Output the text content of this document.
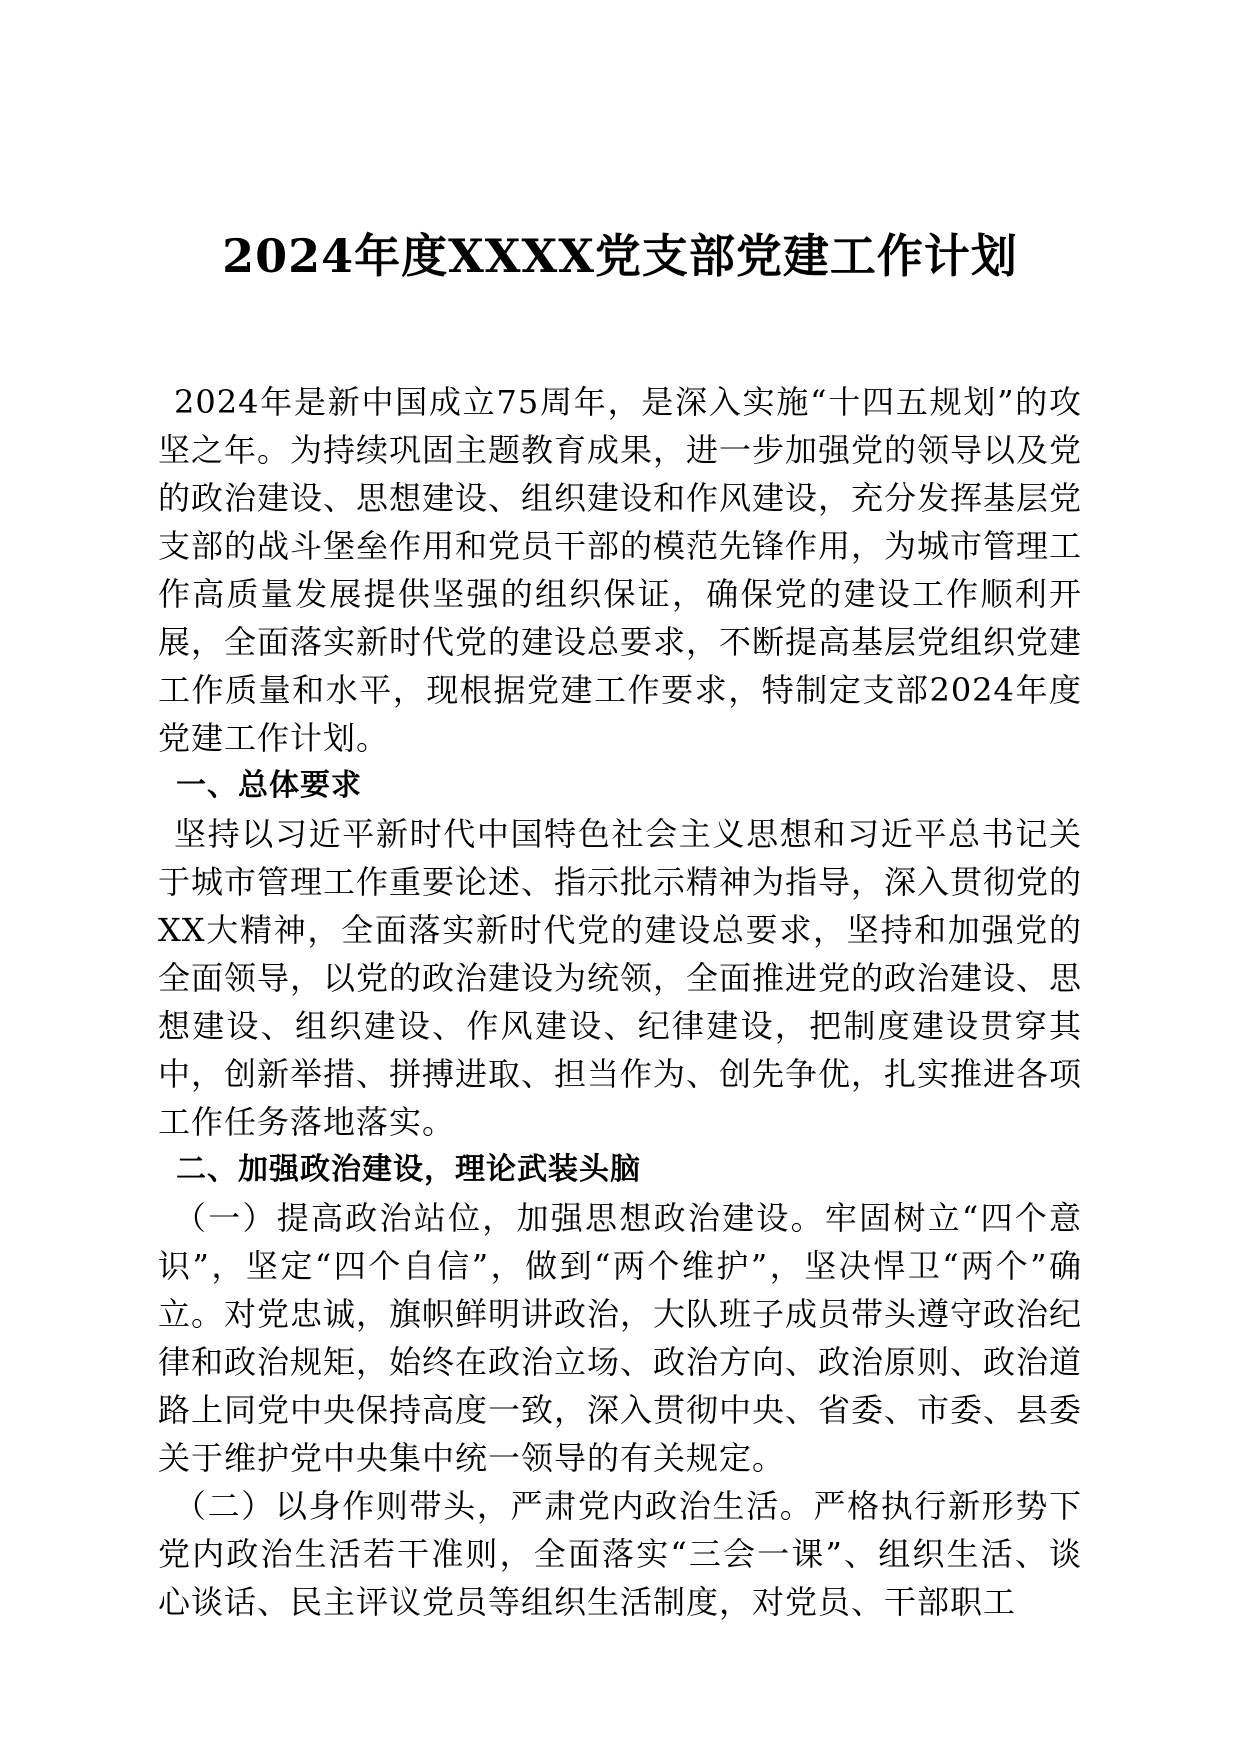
2024年度XXXX党支部党建工作计划

2024年是新中国成立75周年，是深入实施“十四五规划”的攻坚之年。为持续巩固主题教育成果，进一步加强党的领导以及党的政治建设、思想建设、组织建设和作风建设，充分发挥基层党支部的战斗堡垒作用和党员干部的模范先锋作用，为城市管理工作高质量发展提供坚强的组织保证，确保党的建设工作顺利开展，全面落实新时代党的建设总要求，不断提高基层党组织党建工作质量和水平，现根据党建工作要求，特制定支部2024年度党建工作计划。

一、总体要求

坚持以习近平新时代中国特色社会主义思想和习近平总书记关于城市管理工作重要论述、指示批示精神为指导，深入贯彻党的XX大精神，全面落实新时代党的建设总要求，坚持和加强党的全面领导，以党的政治建设为统领，全面推进党的政治建设、思想建设、组织建设、作风建设、纪律建设，把制度建设贯穿其中，创新举措、拼搏进取、担当作为、创先争优，扎实推进各项工作任务落地落实。

二、加强政治建设，理论武装头脑

（一）提高政治站位，加强思想政治建设。牢固树立“四个意识”，坚定“四个自信”，做到“两个维护”，坚决悍卫“两个”确立。对党忠诚，旗帜鲜明讲政治，大队班子成员带头遵守政治纪律和政治规矩，始终在政治立场、政治方向、政治原则、政治道路上同党中央保持高度一致，深入贯彻中央、省委、市委、县委关于维护党中央集中统一领导的有关规定。

（二）以身作则带头，严肃党内政治生活。严格执行新形势下党内政治生活若干准则，全面落实“三会一课”、组织生活、谈心谈话、民主评议党员等组织生活制度，对党员、干部职工
